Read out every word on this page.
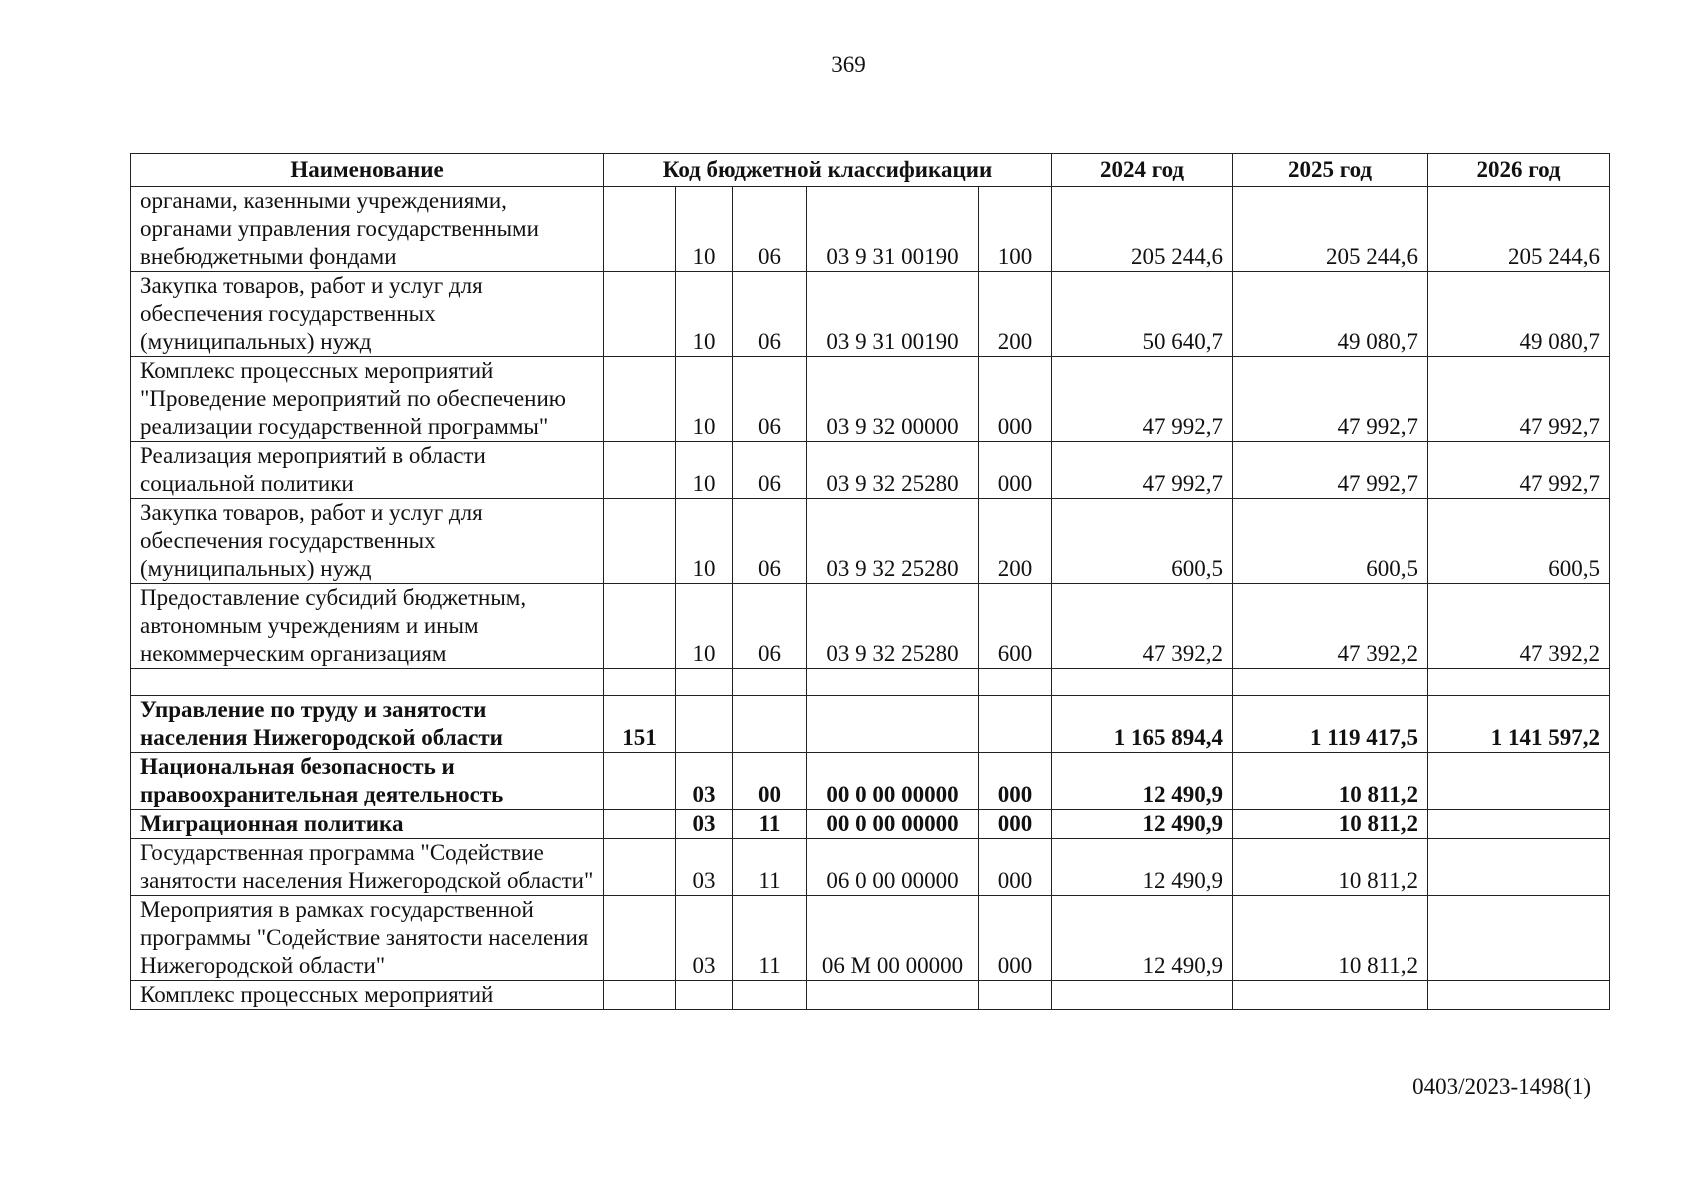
369
Наименование	Код бюджетной классификации					2024 год	2025 год	2026 год
органами, казенными учреждениями, органами управления государственными внебюджетными фондами		10	06	03 9 31 00190	100	205 244,6	205 244,6	205 244,6
Закупка товаров, работ и услуг для обеспечения государственных (муниципальных) нужд		10	06	03 9 31 00190	200	50 640,7	49 080,7	49 080,7
Комплекс процессных мероприятий "Проведение мероприятий по обеспечению реализации государственной программы"		10	06	03 9 32 00000	000	47 992,7	47 992,7	47 992,7
Реализация мероприятий в области социальной политики		10	06	03 9 32 25280	000	47 992,7	47 992,7	47 992,7
Закупка товаров, работ и услуг для обеспечения государственных (муниципальных) нужд		10	06	03 9 32 25280	200	600,5	600,5	600,5
Предоставление субсидий бюджетным, автономным учреждениям и иным некоммерческим организациям		10	06	03 9 32 25280	600	47 392,2	47 392,2	47 392,2

Управление по труду и занятости населения Нижегородской области	151					1 165 894,4	1 119 417,5	1 141 597,2
Национальная безопасность и правоохранительная деятельность		03	00	00 0 00 00000	000	12 490,9	10 811,2	
Миграционная политика		03	11	00 0 00 00000	000	12 490,9	10 811,2	
Государственная программа "Содействие занятости населения Нижегородской области"		03	11	06 0 00 00000	000	12 490,9	10 811,2	
Мероприятия в рамках государственной программы "Содействие занятости населения Нижегородской области"		03	11	06 М 00 00000	000	12 490,9	10 811,2	
Комплекс процессных мероприятий								
0403/2023-1498(1)
